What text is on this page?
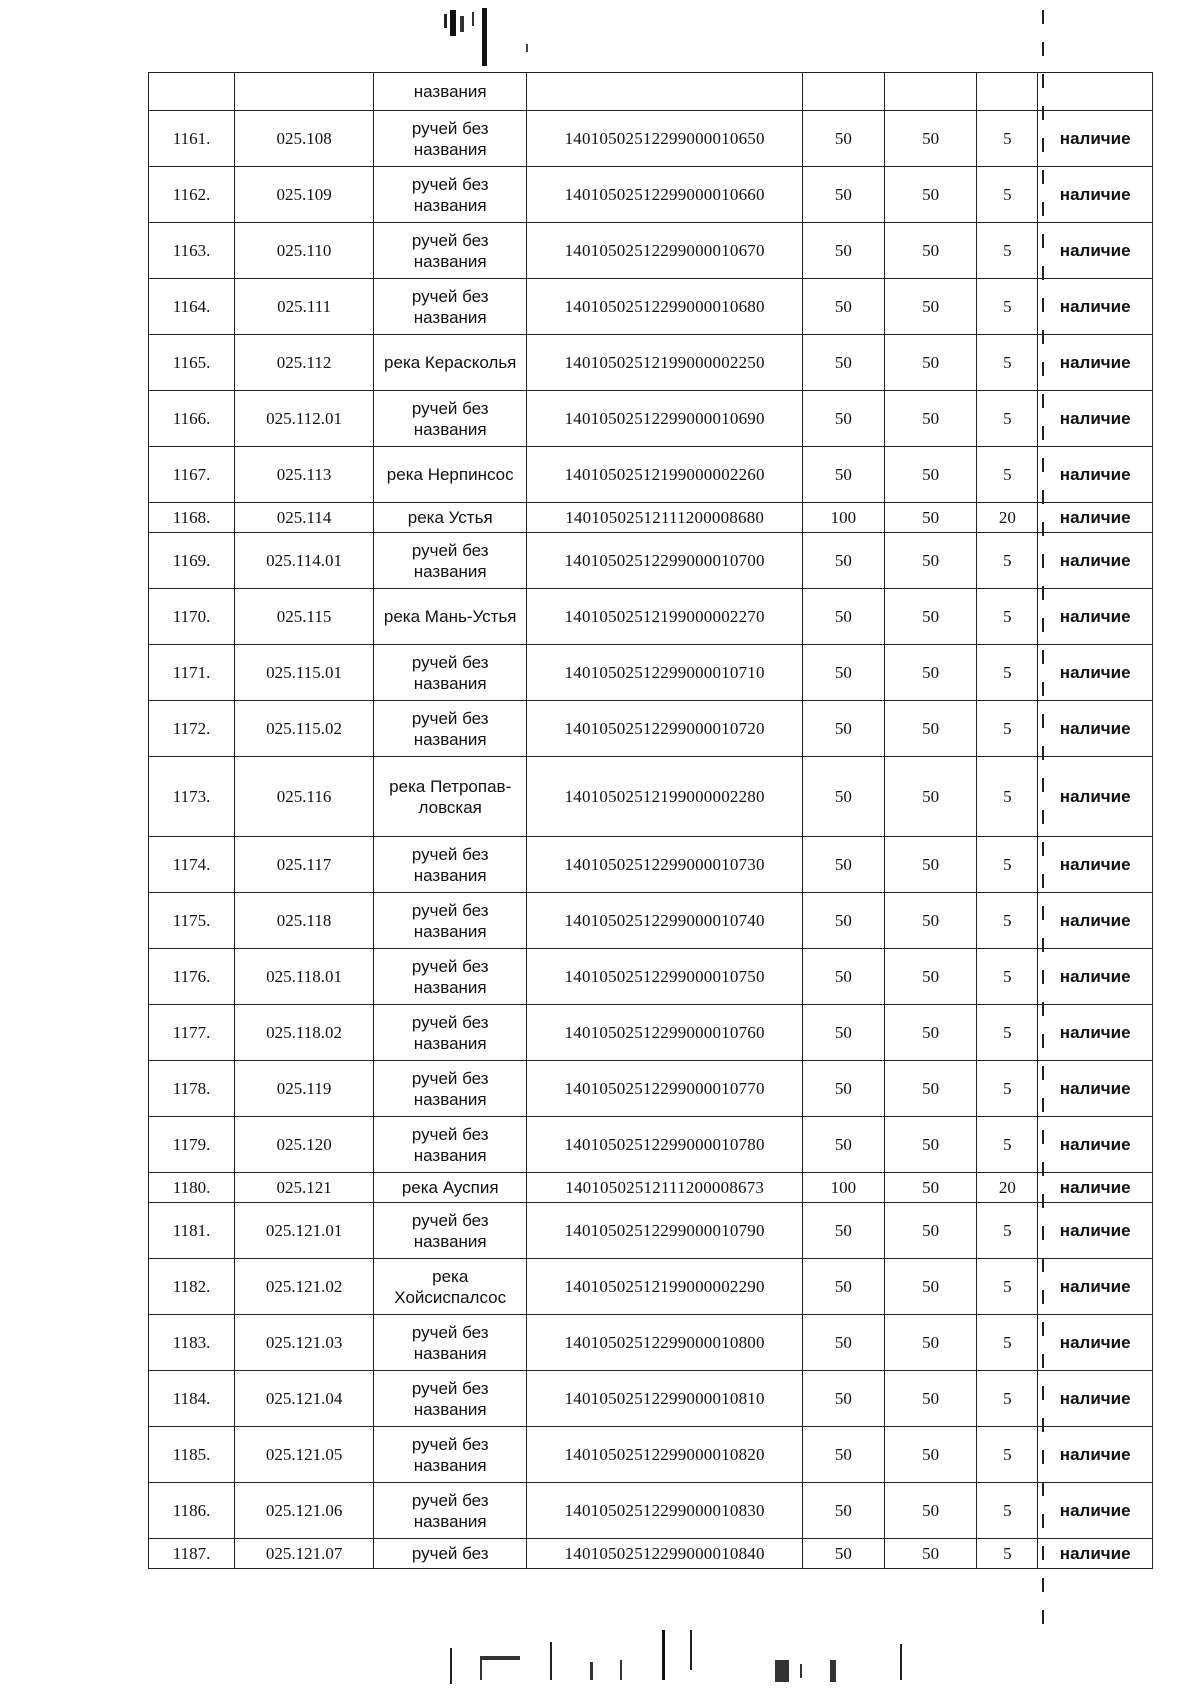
		названия					
1161.	025.108	ручей без названия	14010502512299000010650	50	50	5	наличие
1162.	025.109	ручей без названия	14010502512299000010660	50	50	5	наличие
1163.	025.110	ручей без названия	14010502512299000010670	50	50	5	наличие
1164.	025.111	ручей без названия	14010502512299000010680	50	50	5	наличие
1165.	025.112	река Керасколья	14010502512199000002250	50	50	5	наличие
1166.	025.112.01	ручей без названия	14010502512299000010690	50	50	5	наличие
1167.	025.113	река Нерпинсос	14010502512199000002260	50	50	5	наличие
1168.	025.114	река Устья	14010502512111200008680	100	50	20	наличие
1169.	025.114.01	ручей без названия	14010502512299000010700	50	50	5	наличие
1170.	025.115	река Мань-Устья	14010502512199000002270	50	50	5	наличие
1171.	025.115.01	ручей без названия	14010502512299000010710	50	50	5	наличие
1172.	025.115.02	ручей без названия	14010502512299000010720	50	50	5	наличие
1173.	025.116	река Петропав-ловская	14010502512199000002280	50	50	5	наличие
1174.	025.117	ручей без названия	14010502512299000010730	50	50	5	наличие
1175.	025.118	ручей без названия	14010502512299000010740	50	50	5	наличие
1176.	025.118.01	ручей без названия	14010502512299000010750	50	50	5	наличие
1177.	025.118.02	ручей без названия	14010502512299000010760	50	50	5	наличие
1178.	025.119	ручей без названия	14010502512299000010770	50	50	5	наличие
1179.	025.120	ручей без названия	14010502512299000010780	50	50	5	наличие
1180.	025.121	река Ауспия	14010502512111200008673	100	50	20	наличие
1181.	025.121.01	ручей без названия	14010502512299000010790	50	50	5	наличие
1182.	025.121.02	река Хойсиспалсос	14010502512199000002290	50	50	5	наличие
1183.	025.121.03	ручей без названия	14010502512299000010800	50	50	5	наличие
1184.	025.121.04	ручей без названия	14010502512299000010810	50	50	5	наличие
1185.	025.121.05	ручей без названия	14010502512299000010820	50	50	5	наличие
1186.	025.121.06	ручей без названия	14010502512299000010830	50	50	5	наличие
1187.	025.121.07	ручей без	14010502512299000010840	50	50	5	наличие
